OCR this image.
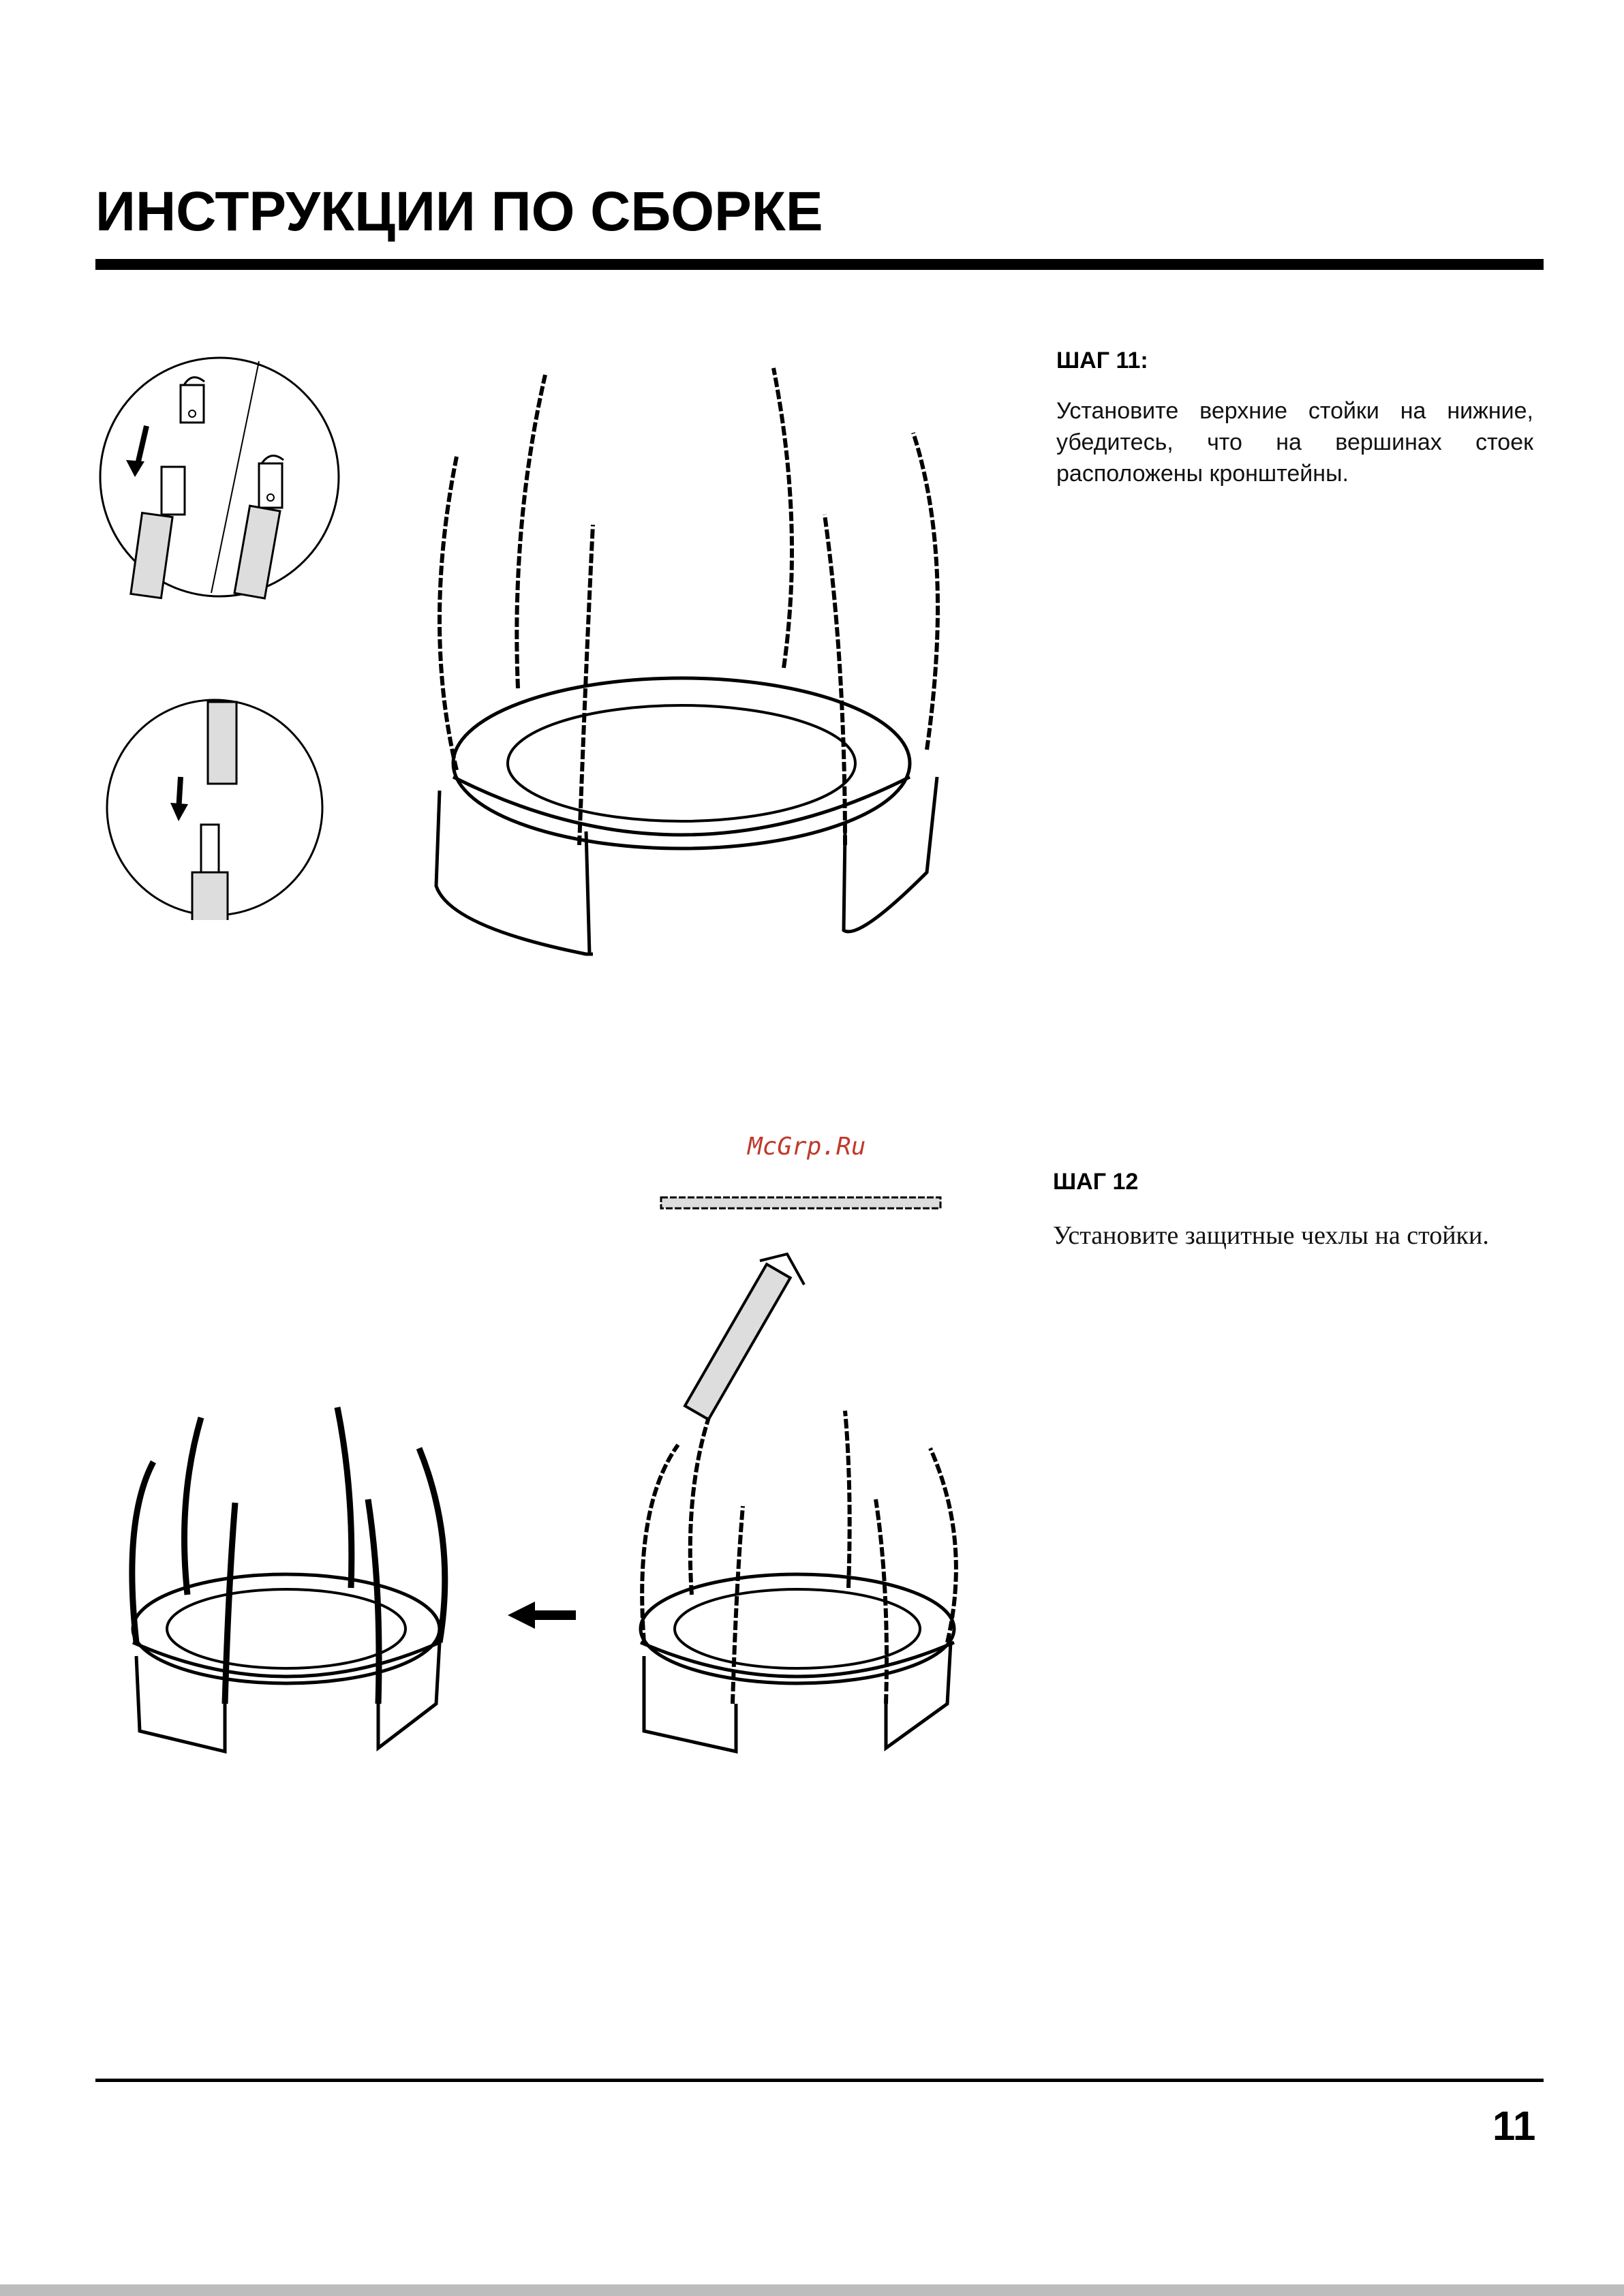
ИНСТРУКЦИИ ПО СБОРКЕ
ШАГ 11:
Установите верхние стойки на нижние, убедитесь, что на вершинах стоек расположены кронштейны.
McGrp.Ru
ШАГ 12
Установите защитные чехлы на стойки.
11
